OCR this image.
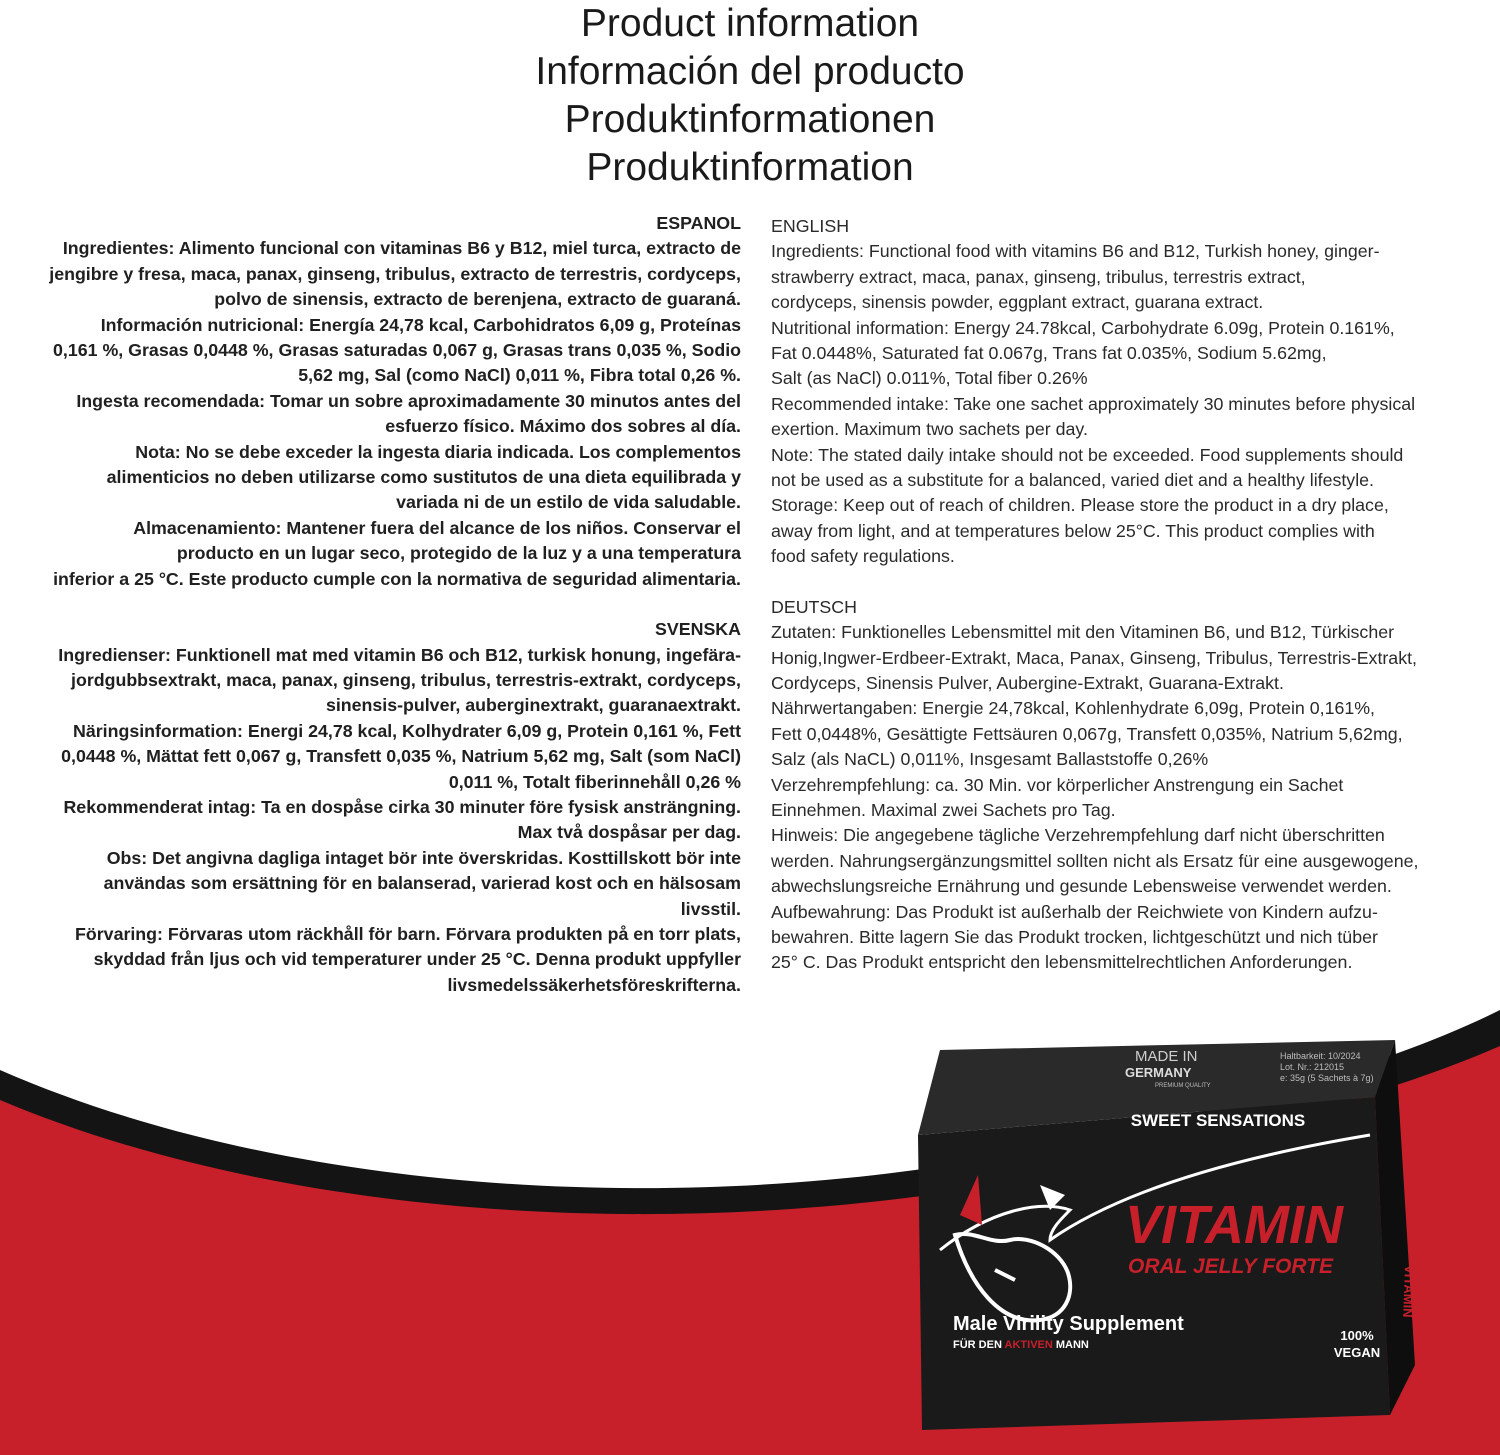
Product information
Información del producto
Produktinformationen
Produktinformation
ESPANOL
Ingredientes: Alimento funcional con vitaminas B6 y B12, miel turca, extracto de
jengibre y fresa, maca, panax, ginseng, tribulus, extracto de terrestris, cordyceps,
polvo de sinensis, extracto de berenjena, extracto de guaraná.
Información nutricional: Energía 24,78 kcal, Carbohidratos 6,09 g, Proteínas
0,161 %, Grasas 0,0448 %, Grasas saturadas 0,067 g, Grasas trans 0,035 %, Sodio
5,62 mg, Sal (como NaCl) 0,011 %, Fibra total 0,26 %.
Ingesta recomendada: Tomar un sobre aproximadamente 30 minutos antes del
esfuerzo físico. Máximo dos sobres al día.
Nota: No se debe exceder la ingesta diaria indicada. Los complementos
alimenticios no deben utilizarse como sustitutos de una dieta equilibrada y
variada ni de un estilo de vida saludable.
Almacenamiento: Mantener fuera del alcance de los niños. Conservar el
producto en un lugar seco, protegido de la luz y a una temperatura
inferior a 25 °C. Este producto cumple con la normativa de seguridad alimentaria.
SVENSKA
Ingredienser: Funktionell mat med vitamin B6 och B12, turkisk honung, ingefära-
jordgubbsextrakt, maca, panax, ginseng, tribulus, terrestris-extrakt, cordyceps,
sinensis-pulver, auberginextrakt, guaranaextrakt.
Näringsinformation: Energi 24,78 kcal, Kolhydrater 6,09 g, Protein 0,161 %, Fett
0,0448 %, Mättat fett 0,067 g, Transfett 0,035 %, Natrium 5,62 mg, Salt (som NaCl)
0,011 %, Totalt fiberinnehåll 0,26 %
Rekommenderat intag: Ta en dospåse cirka 30 minuter före fysisk ansträngning.
Max två dospåsar per dag.
Obs: Det angivna dagliga intaget bör inte överskridas. Kosttillskott bör inte
användas som ersättning för en balanserad, varierad kost och en hälsosam
livsstil.
Förvaring: Förvaras utom räckhåll för barn. Förvara produkten på en torr plats,
skyddad från ljus och vid temperaturer under 25 °C. Denna produkt uppfyller
livsmedelssäkerhetsföreskrifterna.
ENGLISH
Ingredients: Functional food with vitamins B6 and B12, Turkish honey, ginger-
strawberry extract, maca, panax, ginseng, tribulus, terrestris extract,
cordyceps, sinensis powder, eggplant extract, guarana extract.
Nutritional information: Energy 24.78kcal, Carbohydrate 6.09g, Protein 0.161%,
Fat 0.0448%, Saturated fat 0.067g, Trans fat 0.035%, Sodium 5.62mg,
Salt (as NaCl) 0.011%, Total fiber 0.26%
Recommended intake: Take one sachet approximately 30 minutes before physical
exertion. Maximum two sachets per day.
Note: The stated daily intake should not be exceeded. Food supplements should
not be used as a substitute for a balanced, varied diet and a healthy lifestyle.
Storage: Keep out of reach of children. Please store the product in a dry place,
away from light, and at temperatures below 25°C. This product complies with
food safety regulations.
DEUTSCH
Zutaten: Funktionelles Lebensmittel mit den Vitaminen B6, und B12, Türkischer
Honig,Ingwer-Erdbeer-Extrakt, Maca, Panax, Ginseng, Tribulus, Terrestris-Extrakt,
Cordyceps, Sinensis Pulver, Aubergine-Extrakt, Guarana-Extrakt.
Nährwertangaben: Energie 24,78kcal, Kohlenhydrate 6,09g, Protein 0,161%,
Fett 0,0448%, Gesättigte Fettsäuren 0,067g, Transfett 0,035%, Natrium 5,62mg,
Salz (als NaCL) 0,011%, Insgesamt Ballaststoffe 0,26%
Verzehrempfehlung: ca. 30 Min. vor körperlicher Anstrengung ein Sachet
Einnehmen. Maximal zwei Sachets pro Tag.
Hinweis: Die angegebene tägliche Verzehrempfehlung darf nicht überschritten
werden. Nahrungsergänzungsmittel sollten nicht als Ersatz für eine ausgewogene,
abwechslungsreiche Ernährung und gesunde Lebensweise verwendet werden.
Aufbewahrung: Das Produkt ist außerhalb der Reichwiete von Kindern aufzu-
bewahren. Bitte lagern Sie das Produkt trocken, lichtgeschützt und nich tüber
25° C. Das Produkt entspricht den lebensmittelrechtlichen Anforderungen.
VITAMIN
MADE IN
GERMANY
PREMIUM QUALITY
Haltbarkeit: 10/2024
Lot. Nr.: 212015
e: 35g (5 Sachets à 7g)
SWEET SENSATIONS
VITAMIN
ORAL JELLY FORTE
Male Virility Supplement
FÜR DEN AKTIVEN MANN
100%
VEGAN
